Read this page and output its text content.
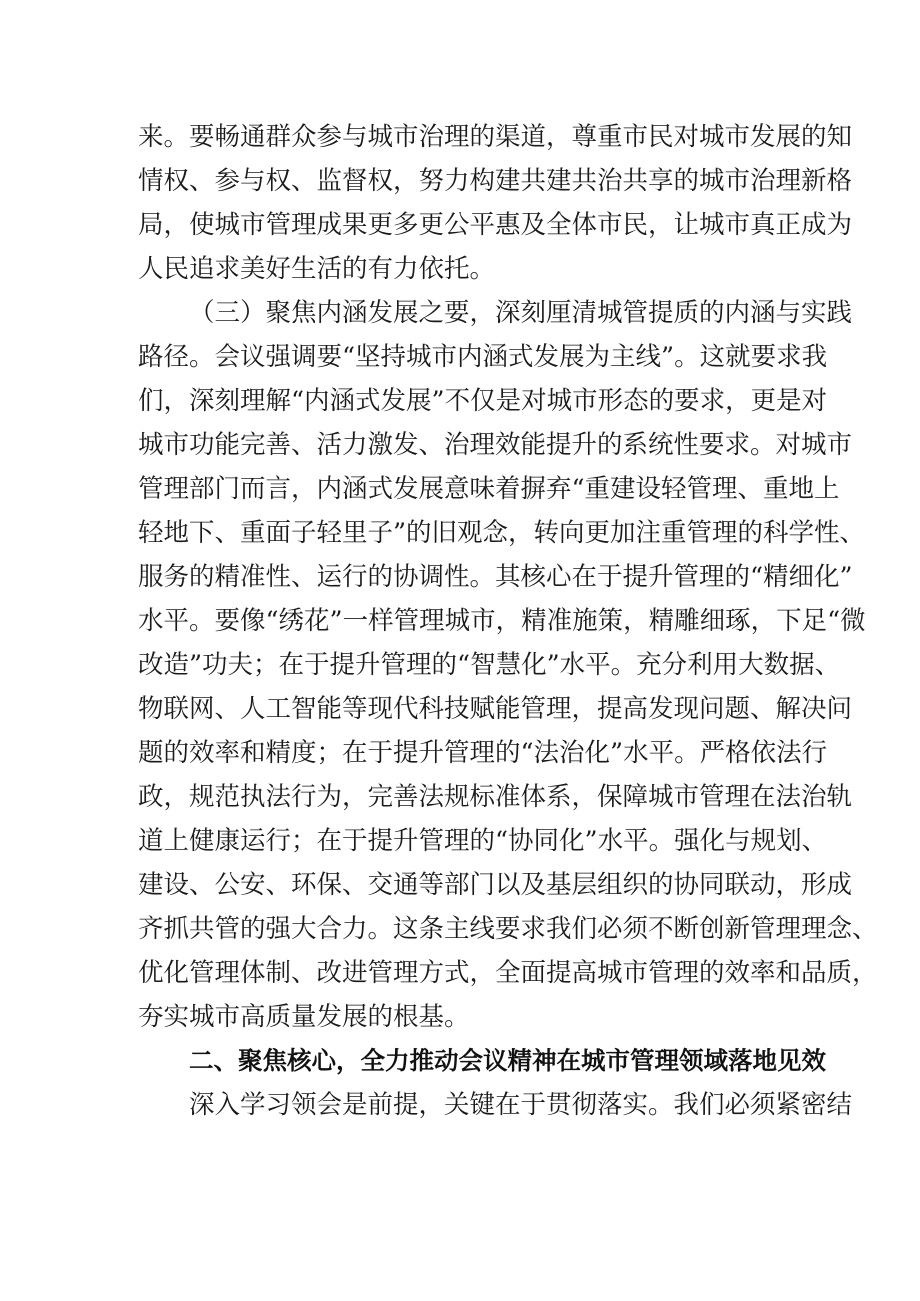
来。要畅通群众参与城市治理的渠道，尊重市民对城市发展的知
情权、参与权、监督权，努力构建共建共治共享的城市治理新格
局，使城市管理成果更多更公平惠及全体市民，让城市真正成为
人民追求美好生活的有力依托。
（三）聚焦内涵发展之要，深刻厘清城管提质的内涵与实践
路径。会议强调要“坚持城市内涵式发展为主线”。这就要求我
们，深刻理解“内涵式发展”不仅是对城市形态的要求，更是对
城市功能完善、活力激发、治理效能提升的系统性要求。对城市
管理部门而言，内涵式发展意味着摒弃“重建设轻管理、重地上
轻地下、重面子轻里子”的旧观念，转向更加注重管理的科学性、
服务的精准性、运行的协调性。其核心在于提升管理的“精细化”
水平。要像“绣花”一样管理城市，精准施策，精雕细琢，下足“微
改造”功夫；在于提升管理的“智慧化”水平。充分利用大数据、
物联网、人工智能等现代科技赋能管理，提高发现问题、解决问
题的效率和精度；在于提升管理的“法治化”水平。严格依法行
政，规范执法行为，完善法规标准体系，保障城市管理在法治轨
道上健康运行；在于提升管理的“协同化”水平。强化与规划、
建设、公安、环保、交通等部门以及基层组织的协同联动，形成
齐抓共管的强大合力。这条主线要求我们必须不断创新管理理念、
优化管理体制、改进管理方式，全面提高城市管理的效率和品质，
夯实城市高质量发展的根基。
二、聚焦核心，全力推动会议精神在城市管理领域落地见效
深入学习领会是前提，关键在于贯彻落实。我们必须紧密结
